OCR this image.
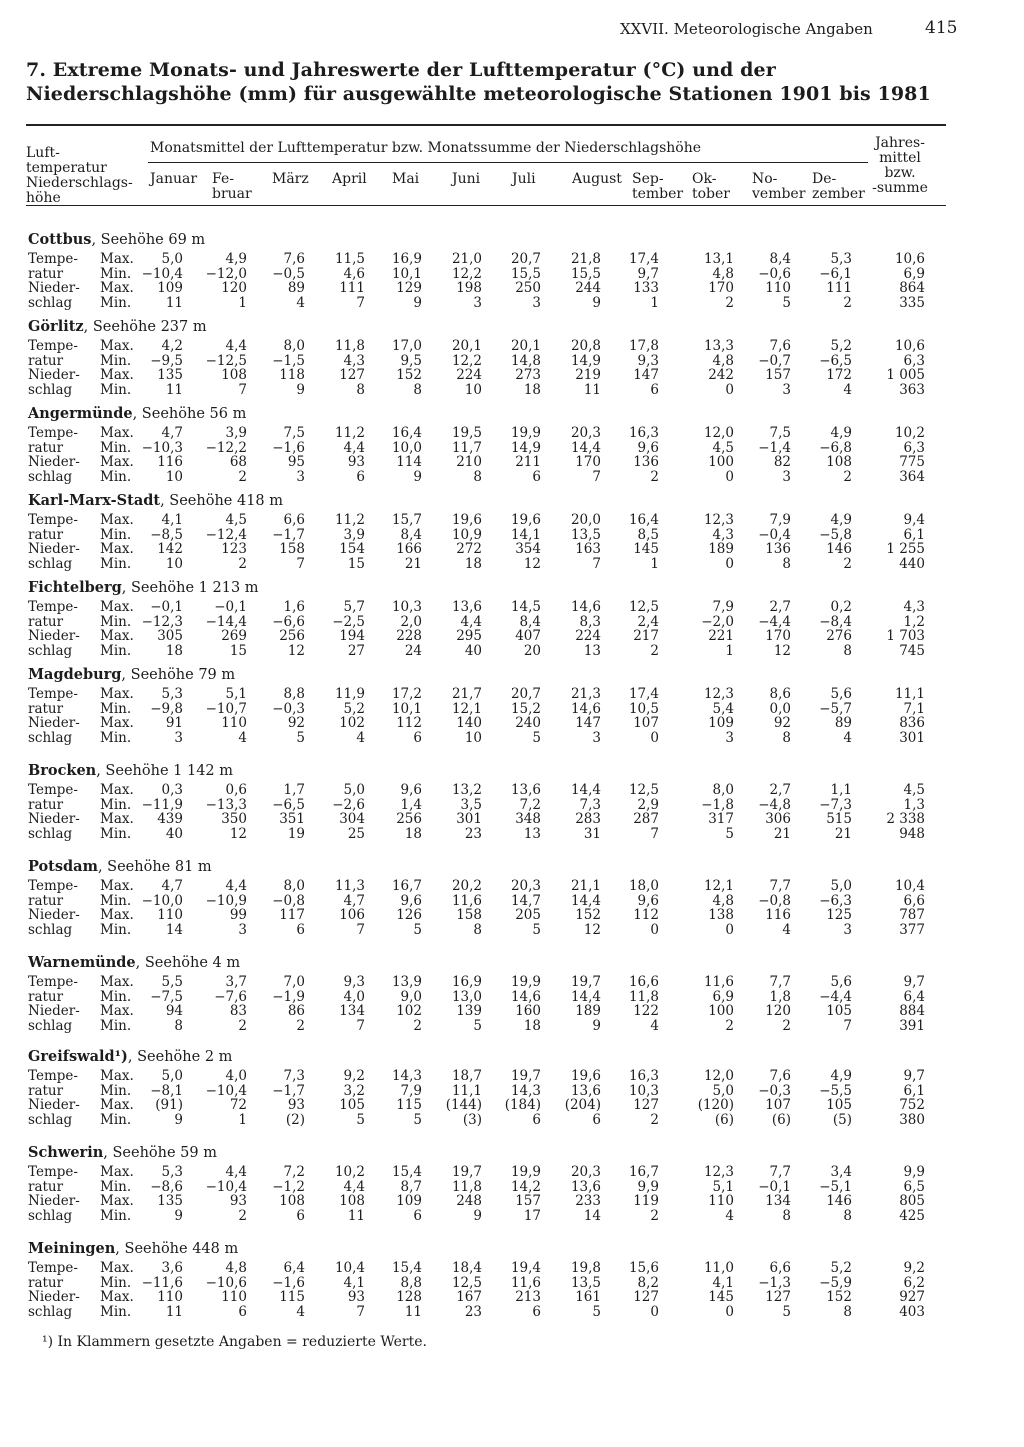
XXVII. Meteorologische Angaben	415
7. Extreme Monats- und Jahreswerte der Lufttemperatur (°C) und der Niederschlagshöhe (mm) für ausgewählte meteorologische Stationen 1901 bis 1981
Monatsmittel der Lufttemperatur bzw. Monatssumme der Niederschlagshöhe
Luft-
temperatur
Niederschlags-
höhe
Januar	Fe-
bruar
März	April	Mai	Juni	Juli	August Sep-
tember
Ok-
tober
No-
vember
De-
zember
Jahres-
mittel
bzw.
-summe
Cottbus, Seehöhe 69 m
Tempe- Max.	5,0	4,9	7,6	11,5	16,9	21,0	20,7	21,8	17,4	13,1	8,4	5,3	10,6
ratur	Min. −10,4	−12,0	−0,5	4,6	10,1	12,2	15,5	15,5	9,7	4,8	−0,6	−6,1	6,9
Nieder- Max.	109	120	89	111	129	198	250	244	133	170	110	111	864
schlag Min.	11	1	4	7	9	3	3	9	1	2	5	2	335
Görlitz, Seehöhe 237 m
Tempe- Max.	4,2	4,4	8,0	11,8	17,0	20,1	20,1	20,8	17,8	13,3	7,6	5,2	10,6
ratur	Min.	−9,5	−12,5	−1,5	4,3	9,5	12,2	14,8	14,9	9,3	4,8	−0,7	−6,5	6,3
Nieder- Max.	135	108	118	127	152	224	273	219	147	242	157	172	1 005
schlag Min.	11	7	9	8	8	10	18	11	6	0	3	4	363
Angermünde, Seehöhe 56 m
Tempe- Max.	4,7	3,9	7,5	11,2	16,4	19,5	19,9	20,3	16,3	12,0	7,5	4,9	10,2
ratur	Min. −10,3	−12,2	−1,6	4,4	10,0	11,7	14,9	14,4	9,6	4,5	−1,4	−6,8	6,3
Nieder- Max.	116	68	95	93	114	210	211	170	136	100	82	108	775
schlag Min.	10	2	3	6	9	8	6	7	2	0	3	2	364
Karl-Marx-Stadt, Seehöhe 418 m
Tempe- Max.	4,1	4,5	6,6	11,2	15,7	19,6	19,6	20,0	16,4	12,3	7,9	4,9	9,4
ratur	Min.	−8,5	−12,4	−1,7	3,9	8,4	10,9	14,1	13,5	8,5	4,3	−0,4	−5,8	6,1
Nieder- Max.	142	123	158	154	166	272	354	163	145	189	136	146	1 255
schlag Min.	10	2	7	15	21	18	12	7	1	0	8	2	440
Fichtelberg, Seehöhe 1 213 m
Tempe- Max.	−0,1	−0,1	1,6	5,7	10,3	13,6	14,5	14,6	12,5	7,9	2,7	0,2	4,3
ratur	Min. −12,3	−14,4	−6,6	−2,5	2,0	4,4	8,4	8,3	2,4	−2,0	−4,4	−8,4	1,2
Nieder- Max.	305	269	256	194	228	295	407	224	217	221	170	276	1 703
schlag Min.	18	15	12	27	24	40	20	13	2	1	12	8	745
Magdeburg, Seehöhe 79 m
Tempe- Max.	5,3	5,1	8,8	11,9	17,2	21,7	20,7	21,3	17,4	12,3	8,6	5,6	11,1
ratur	Min.	−9,8	−10,7	−0,3	5,2	10,1	12,1	15,2	14,6	10,5	5,4	0,0	−5,7	7,1
Nieder- Max.	91	110	92	102	112	140	240	147	107	109	92	89	836
schlag Min.	3	4	5	4	6	10	5	3	0	3	8	4	301
Brocken, Seehöhe 1 142 m
Tempe- Max.	0,3	0,6	1,7	5,0	9,6	13,2	13,6	14,4	12,5	8,0	2,7	1,1	4,5
ratur	Min. −11,9	−13,3	−6,5	−2,6	1,4	3,5	7,2	7,3	2,9	−1,8	−4,8	−7,3	1,3
Nieder- Max.	439	350	351	304	256	301	348	283	287	317	306	515	2 338
schlag Min.	40	12	19	25	18	23	13	31	7	5	21	21	948
Potsdam, Seehöhe 81 m
Tempe- Max.	4,7	4,4	8,0	11,3	16,7	20,2	20,3	21,1	18,0	12,1	7,7	5,0	10,4
ratur	Min. −10,0	−10,9	−0,8	4,7	9,6	11,6	14,7	14,4	9,6	4,8	−0,8	−6,3	6,6
Nieder- Max.	110	99	117	106	126	158	205	152	112	138	116	125	787
schlag Min.	14	3	6	7	5	8	5	12	0	0	4	3	377
Warnemünde, Seehöhe 4 m
Tempe- Max.	5,5	3,7	7,0	9,3	13,9	16,9	19,9	19,7	16,6	11,6	7,7	5,6	9,7
ratur	Min.	−7,5	−7,6	−1,9	4,0	9,0	13,0	14,6	14,4	11,8	6,9	1,8	−4,4	6,4
Nieder- Max.	94	83	86	134	102	139	160	189	122	100	120	105	884
schlag Min.	8	2	2	7	2	5	18	9	4	2	2	7	391
Greifswald¹), Seehöhe 2 m
Tempe- Max.	5,0	4,0	7,3	9,2	14,3	18,7	19,7	19,6	16,3	12,0	7,6	4,9	9,7
ratur	Min.	−8,1	−10,4	−1,7	3,2	7,9	11,1	14,3	13,6	10,3	5,0	−0,3	−5,5	6,1
Nieder- Max.	(91)	72	93	105	115	(144)	(184)	(204)	127	(120)	107	105	752
schlag Min.	9	1	(2)	5	5	(3)	6	6	2	(6)	(6)	(5)	380
Schwerin, Seehöhe 59 m
Tempe- Max.	5,3	4,4	7,2	10,2	15,4	19,7	19,9	20,3	16,7	12,3	7,7	3,4	9,9
ratur	Min.	−8,6	−10,4	−1,2	4,4	8,7	11,8	14,2	13,6	9,9	5,1	−0,1	−5,1	6,5
Nieder- Max.	135	93	108	108	109	248	157	233	119	110	134	146	805
schlag Min.	9	2	6	11	6	9	17	14	2	4	8	8	425
Meiningen, Seehöhe 448 m
Tempe- Max.	3,6	4,8	6,4	10,4	15,4	18,4	19,4	19,8	15,6	11,0	6,6	5,2	9,2
ratur	Min. −11,6	−10,6	−1,6	4,1	8,8	12,5	11,6	13,5	8,2	4,1	−1,3	−5,9	6,2
Nieder- Max.	110	110	115	93	128	167	213	161	127	145	127	152	927
schlag Min.	11	6	4	7	11	23	6	5	0	0	5	8	403
¹) In Klammern gesetzte Angaben = reduzierte Werte.
